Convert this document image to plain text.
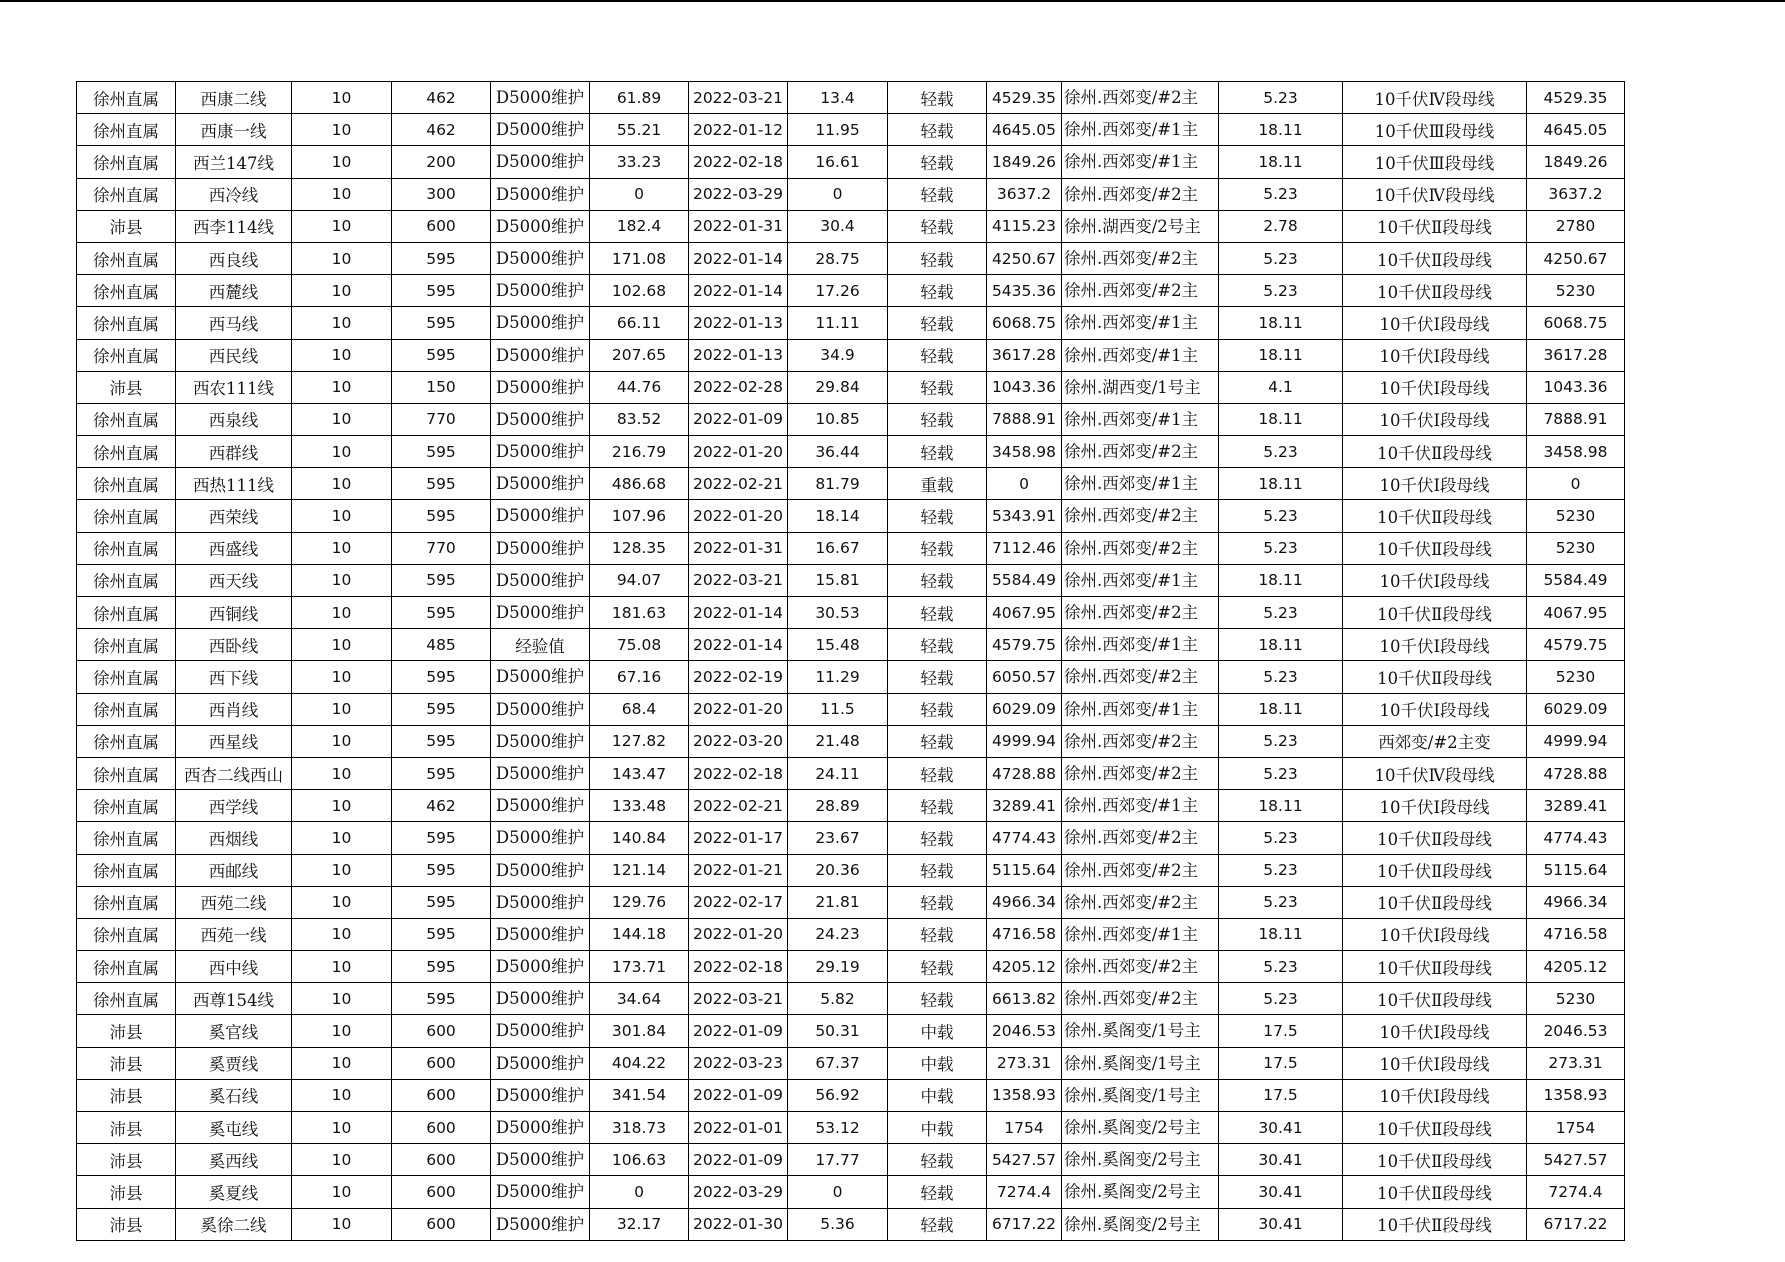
徐州直属	西康二线	10	462	D5000维护	61.89	2022-03-21	13.4	轻载	4529.35	徐州.西郊变/#2主	5.23	10千伏Ⅳ段母线	4529.35
徐州直属	西康一线	10	462	D5000维护	55.21	2022-01-12	11.95	轻载	4645.05	徐州.西郊变/#1主	18.11	10千伏Ⅲ段母线	4645.05
徐州直属	西兰147线	10	200	D5000维护	33.23	2022-02-18	16.61	轻载	1849.26	徐州.西郊变/#1主	18.11	10千伏Ⅲ段母线	1849.26
徐州直属	西冷线	10	300	D5000维护	0	2022-03-29	0	轻载	3637.2	徐州.西郊变/#2主	5.23	10千伏Ⅳ段母线	3637.2
沛县	西李114线	10	600	D5000维护	182.4	2022-01-31	30.4	轻载	4115.23	徐州.湖西变/2号主	2.78	10千伏Ⅱ段母线	2780
徐州直属	西良线	10	595	D5000维护	171.08	2022-01-14	28.75	轻载	4250.67	徐州.西郊变/#2主	5.23	10千伏Ⅱ段母线	4250.67
徐州直属	西麓线	10	595	D5000维护	102.68	2022-01-14	17.26	轻载	5435.36	徐州.西郊变/#2主	5.23	10千伏Ⅱ段母线	5230
徐州直属	西马线	10	595	D5000维护	66.11	2022-01-13	11.11	轻载	6068.75	徐州.西郊变/#1主	18.11	10千伏Ⅰ段母线	6068.75
徐州直属	西民线	10	595	D5000维护	207.65	2022-01-13	34.9	轻载	3617.28	徐州.西郊变/#1主	18.11	10千伏Ⅰ段母线	3617.28
沛县	西农111线	10	150	D5000维护	44.76	2022-02-28	29.84	轻载	1043.36	徐州.湖西变/1号主	4.1	10千伏Ⅰ段母线	1043.36
徐州直属	西泉线	10	770	D5000维护	83.52	2022-01-09	10.85	轻载	7888.91	徐州.西郊变/#1主	18.11	10千伏Ⅰ段母线	7888.91
徐州直属	西群线	10	595	D5000维护	216.79	2022-01-20	36.44	轻载	3458.98	徐州.西郊变/#2主	5.23	10千伏Ⅱ段母线	3458.98
徐州直属	西热111线	10	595	D5000维护	486.68	2022-02-21	81.79	重载	0	徐州.西郊变/#1主	18.11	10千伏Ⅰ段母线	0
徐州直属	西荣线	10	595	D5000维护	107.96	2022-01-20	18.14	轻载	5343.91	徐州.西郊变/#2主	5.23	10千伏Ⅱ段母线	5230
徐州直属	西盛线	10	770	D5000维护	128.35	2022-01-31	16.67	轻载	7112.46	徐州.西郊变/#2主	5.23	10千伏Ⅱ段母线	5230
徐州直属	西天线	10	595	D5000维护	94.07	2022-03-21	15.81	轻载	5584.49	徐州.西郊变/#1主	18.11	10千伏Ⅰ段母线	5584.49
徐州直属	西铜线	10	595	D5000维护	181.63	2022-01-14	30.53	轻载	4067.95	徐州.西郊变/#2主	5.23	10千伏Ⅱ段母线	4067.95
徐州直属	西卧线	10	485	经验值	75.08	2022-01-14	15.48	轻载	4579.75	徐州.西郊变/#1主	18.11	10千伏Ⅰ段母线	4579.75
徐州直属	西下线	10	595	D5000维护	67.16	2022-02-19	11.29	轻载	6050.57	徐州.西郊变/#2主	5.23	10千伏Ⅱ段母线	5230
徐州直属	西肖线	10	595	D5000维护	68.4	2022-01-20	11.5	轻载	6029.09	徐州.西郊变/#1主	18.11	10千伏Ⅰ段母线	6029.09
徐州直属	西星线	10	595	D5000维护	127.82	2022-03-20	21.48	轻载	4999.94	徐州.西郊变/#2主	5.23	西郊变/#2主变	4999.94
徐州直属	西杏二线西山	10	595	D5000维护	143.47	2022-02-18	24.11	轻载	4728.88	徐州.西郊变/#2主	5.23	10千伏Ⅳ段母线	4728.88
徐州直属	西学线	10	462	D5000维护	133.48	2022-02-21	28.89	轻载	3289.41	徐州.西郊变/#1主	18.11	10千伏Ⅰ段母线	3289.41
徐州直属	西烟线	10	595	D5000维护	140.84	2022-01-17	23.67	轻载	4774.43	徐州.西郊变/#2主	5.23	10千伏Ⅱ段母线	4774.43
徐州直属	西邮线	10	595	D5000维护	121.14	2022-01-21	20.36	轻载	5115.64	徐州.西郊变/#2主	5.23	10千伏Ⅱ段母线	5115.64
徐州直属	西苑二线	10	595	D5000维护	129.76	2022-02-17	21.81	轻载	4966.34	徐州.西郊变/#2主	5.23	10千伏Ⅱ段母线	4966.34
徐州直属	西苑一线	10	595	D5000维护	144.18	2022-01-20	24.23	轻载	4716.58	徐州.西郊变/#1主	18.11	10千伏Ⅰ段母线	4716.58
徐州直属	西中线	10	595	D5000维护	173.71	2022-02-18	29.19	轻载	4205.12	徐州.西郊变/#2主	5.23	10千伏Ⅱ段母线	4205.12
徐州直属	西尊154线	10	595	D5000维护	34.64	2022-03-21	5.82	轻载	6613.82	徐州.西郊变/#2主	5.23	10千伏Ⅱ段母线	5230
沛县	奚官线	10	600	D5000维护	301.84	2022-01-09	50.31	中载	2046.53	徐州.奚阁变/1号主	17.5	10千伏Ⅰ段母线	2046.53
沛县	奚贾线	10	600	D5000维护	404.22	2022-03-23	67.37	中载	273.31	徐州.奚阁变/1号主	17.5	10千伏Ⅰ段母线	273.31
沛县	奚石线	10	600	D5000维护	341.54	2022-01-09	56.92	中载	1358.93	徐州.奚阁变/1号主	17.5	10千伏Ⅰ段母线	1358.93
沛县	奚屯线	10	600	D5000维护	318.73	2022-01-01	53.12	中载	1754	徐州.奚阁变/2号主	30.41	10千伏Ⅱ段母线	1754
沛县	奚西线	10	600	D5000维护	106.63	2022-01-09	17.77	轻载	5427.57	徐州.奚阁变/2号主	30.41	10千伏Ⅱ段母线	5427.57
沛县	奚夏线	10	600	D5000维护	0	2022-03-29	0	轻载	7274.4	徐州.奚阁变/2号主	30.41	10千伏Ⅱ段母线	7274.4
沛县	奚徐二线	10	600	D5000维护	32.17	2022-01-30	5.36	轻载	6717.22	徐州.奚阁变/2号主	30.41	10千伏Ⅱ段母线	6717.22
